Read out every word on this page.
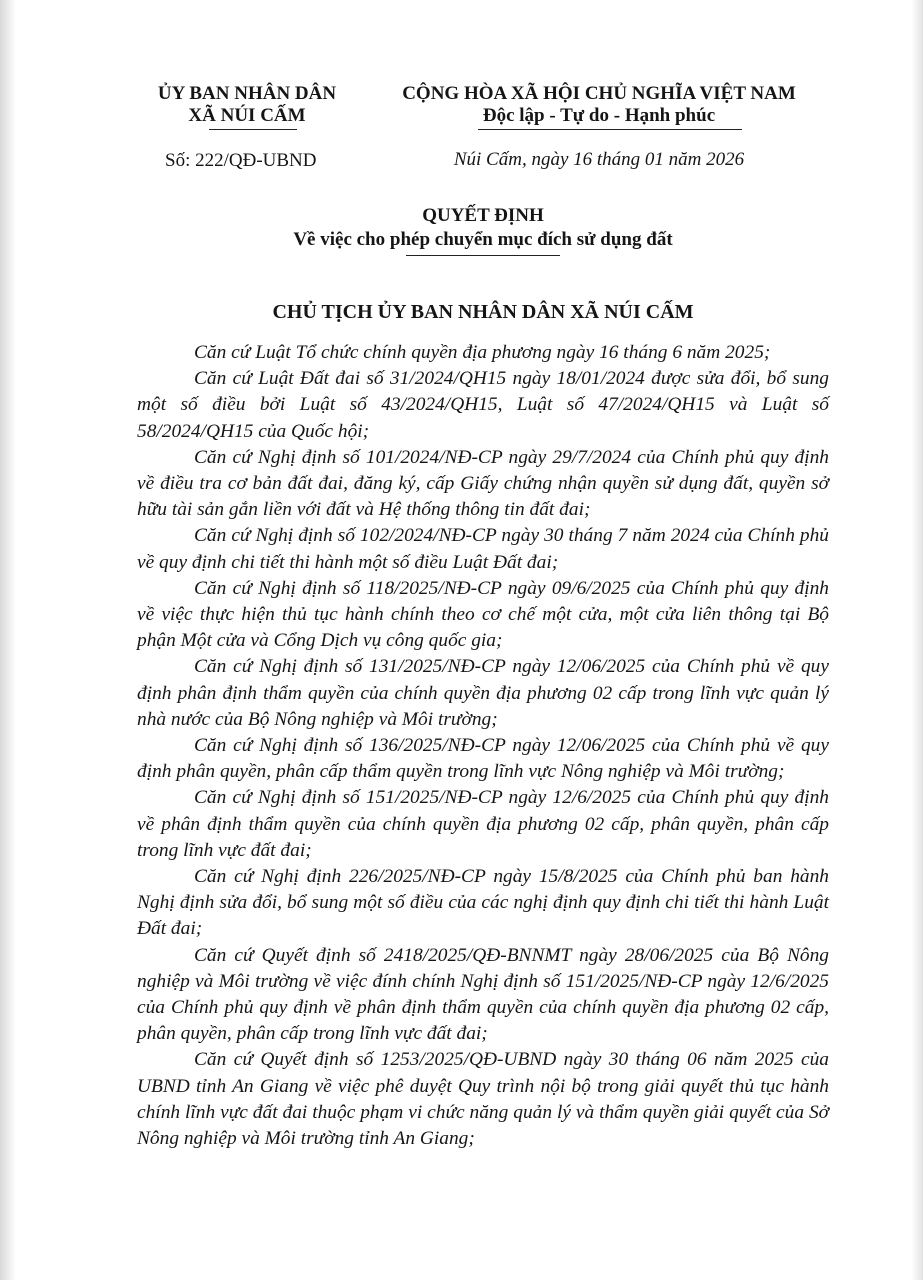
ỦY BAN NHÂN DÂN
XÃ NÚI CẤM
Số: 222/QĐ-UBND
CỘNG HÒA XÃ HỘI CHỦ NGHĨA VIỆT NAM
Độc lập - Tự do - Hạnh phúc
Núi Cấm, ngày 16 tháng 01 năm 2026
QUYẾT ĐỊNH
Về việc cho phép chuyển mục đích sử dụng đất
CHỦ TỊCH ỦY BAN NHÂN DÂN XÃ NÚI CẤM

Căn cứ Luật Tổ chức chính quyền địa phương ngày 16 tháng 6 năm 2025;

Căn cứ Luật Đất đai số 31/2024/QH15 ngày 18/01/2024 được sửa đổi, bổ sung một số điều bởi Luật số 43/2024/QH15, Luật số 47/2024/QH15 và Luật số 58/2024/QH15 của Quốc hội;

Căn cứ Nghị định số 101/2024/NĐ-CP ngày 29/7/2024 của Chính phủ quy định về điều tra cơ bản đất đai, đăng ký, cấp Giấy chứng nhận quyền sử dụng đất, quyền sở hữu tài sản gắn liền với đất và Hệ thống thông tin đất đai;

Căn cứ Nghị định số 102/2024/NĐ-CP ngày 30 tháng 7 năm 2024 của Chính phủ về quy định chi tiết thi hành một số điều Luật Đất đai;

Căn cứ Nghị định số 118/2025/NĐ-CP ngày 09/6/2025 của Chính phủ quy định về việc thực hiện thủ tục hành chính theo cơ chế một cửa, một cửa liên thông tại Bộ phận Một cửa và Cổng Dịch vụ công quốc gia;

Căn cứ Nghị định số 131/2025/NĐ-CP ngày 12/06/2025 của Chính phủ về quy định phân định thẩm quyền của chính quyền địa phương 02 cấp trong lĩnh vực quản lý nhà nước của Bộ Nông nghiệp và Môi trường;

Căn cứ Nghị định số 136/2025/NĐ-CP ngày 12/06/2025 của Chính phủ về quy định phân quyền, phân cấp thẩm quyền trong lĩnh vực Nông nghiệp và Môi trường;

Căn cứ Nghị định số 151/2025/NĐ-CP ngày 12/6/2025 của Chính phủ quy định về phân định thẩm quyền của chính quyền địa phương 02 cấp, phân quyền, phân cấp trong lĩnh vực đất đai;

Căn cứ Nghị định 226/2025/NĐ-CP ngày 15/8/2025 của Chính phủ ban hành Nghị định sửa đổi, bổ sung một số điều của các nghị định quy định chi tiết thi hành Luật Đất đai;

Căn cứ Quyết định số 2418/2025/QĐ-BNNMT ngày 28/06/2025 của Bộ Nông nghiệp và Môi trường về việc đính chính Nghị định số 151/2025/NĐ-CP ngày 12/6/2025 của Chính phủ quy định về phân định thẩm quyền của chính quyền địa phương 02 cấp, phân quyền, phân cấp trong lĩnh vực đất đai;

Căn cứ Quyết định số 1253/2025/QĐ-UBND ngày 30 tháng 06 năm 2025 của UBND tỉnh An Giang về việc phê duyệt Quy trình nội bộ trong giải quyết thủ tục hành chính lĩnh vực đất đai thuộc phạm vi chức năng quản lý và thẩm quyền giải quyết của Sở Nông nghiệp và Môi trường tỉnh An Giang;
